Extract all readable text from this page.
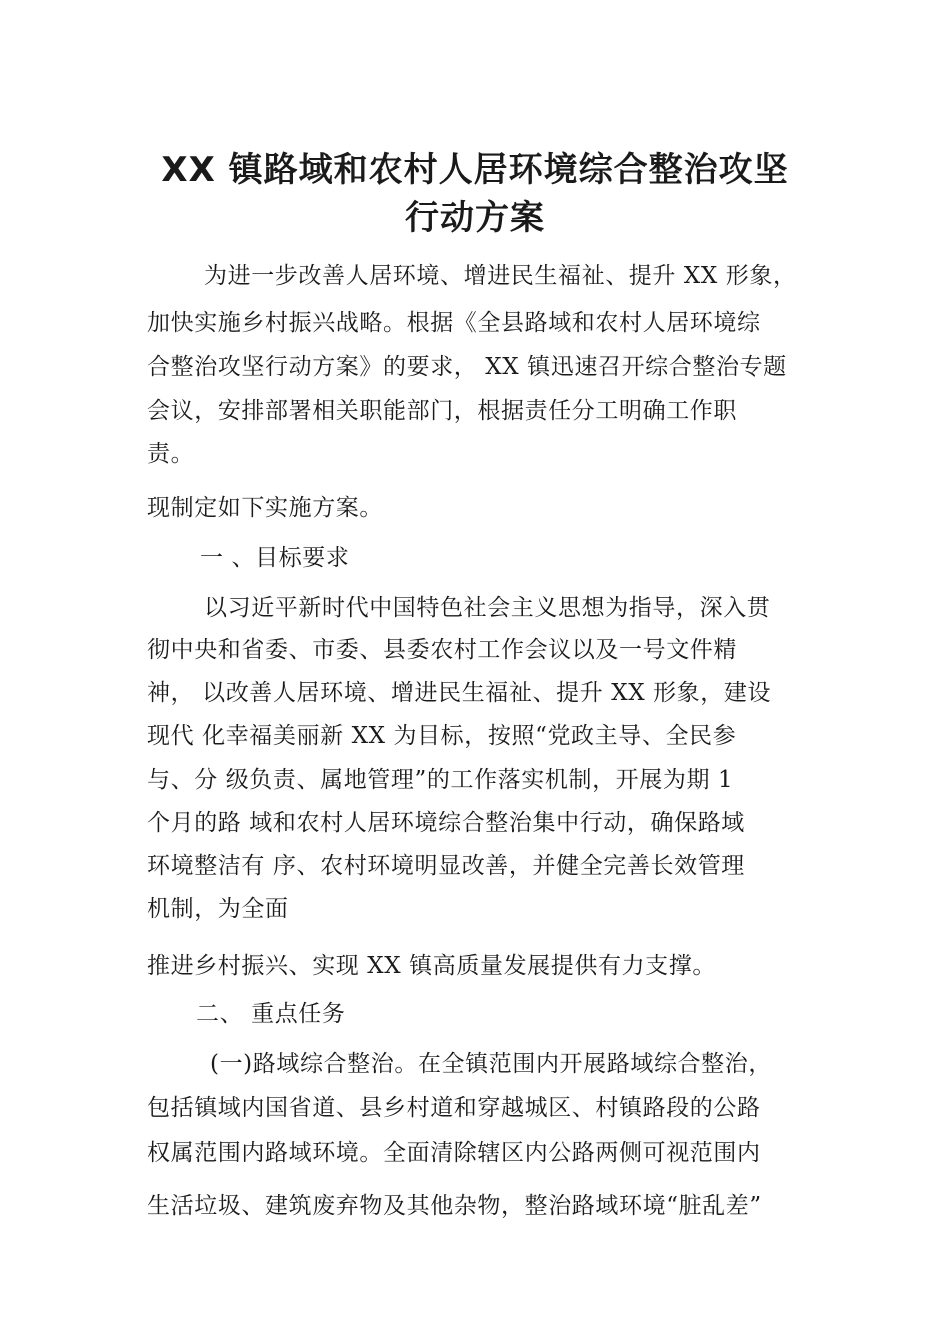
XX 镇路域和农村人居环境综合整治攻坚
行动方案
为进一步改善人居环境、增进民生福祉、提升 XX 形象，
加快实施乡村振兴战略。根据《全县路域和农村人居环境综
合整治攻坚行动方案》的要求， XX 镇迅速召开综合整治专题
会议，安排部署相关职能部门，根据责任分工明确工作职
责。
现制定如下实施方案。
一 、目标要求
以习近平新时代中国特色社会主义思想为指导，深入贯
彻中央和省委、市委、县委农村工作会议以及一号文件精
神， 以改善人居环境、增进民生福祉、提升 XX 形象，建设
现代 化幸福美丽新 XX 为目标，按照“党政主导、全民参
与、分 级负责、属地管理”的工作落实机制，开展为期 1
个月的路 域和农村人居环境综合整治集中行动，确保路域
环境整洁有 序、农村环境明显改善，并健全完善长效管理
机制，为全面
推进乡村振兴、实现 XX 镇高质量发展提供有力支撑。
二、 重点任务
(一)路域综合整治。在全镇范围内开展路域综合整治，
包括镇域内国省道、县乡村道和穿越城区、村镇路段的公路
权属范围内路域环境。全面清除辖区内公路两侧可视范围内
生活垃圾、建筑废弃物及其他杂物，整治路域环境“脏乱差”
